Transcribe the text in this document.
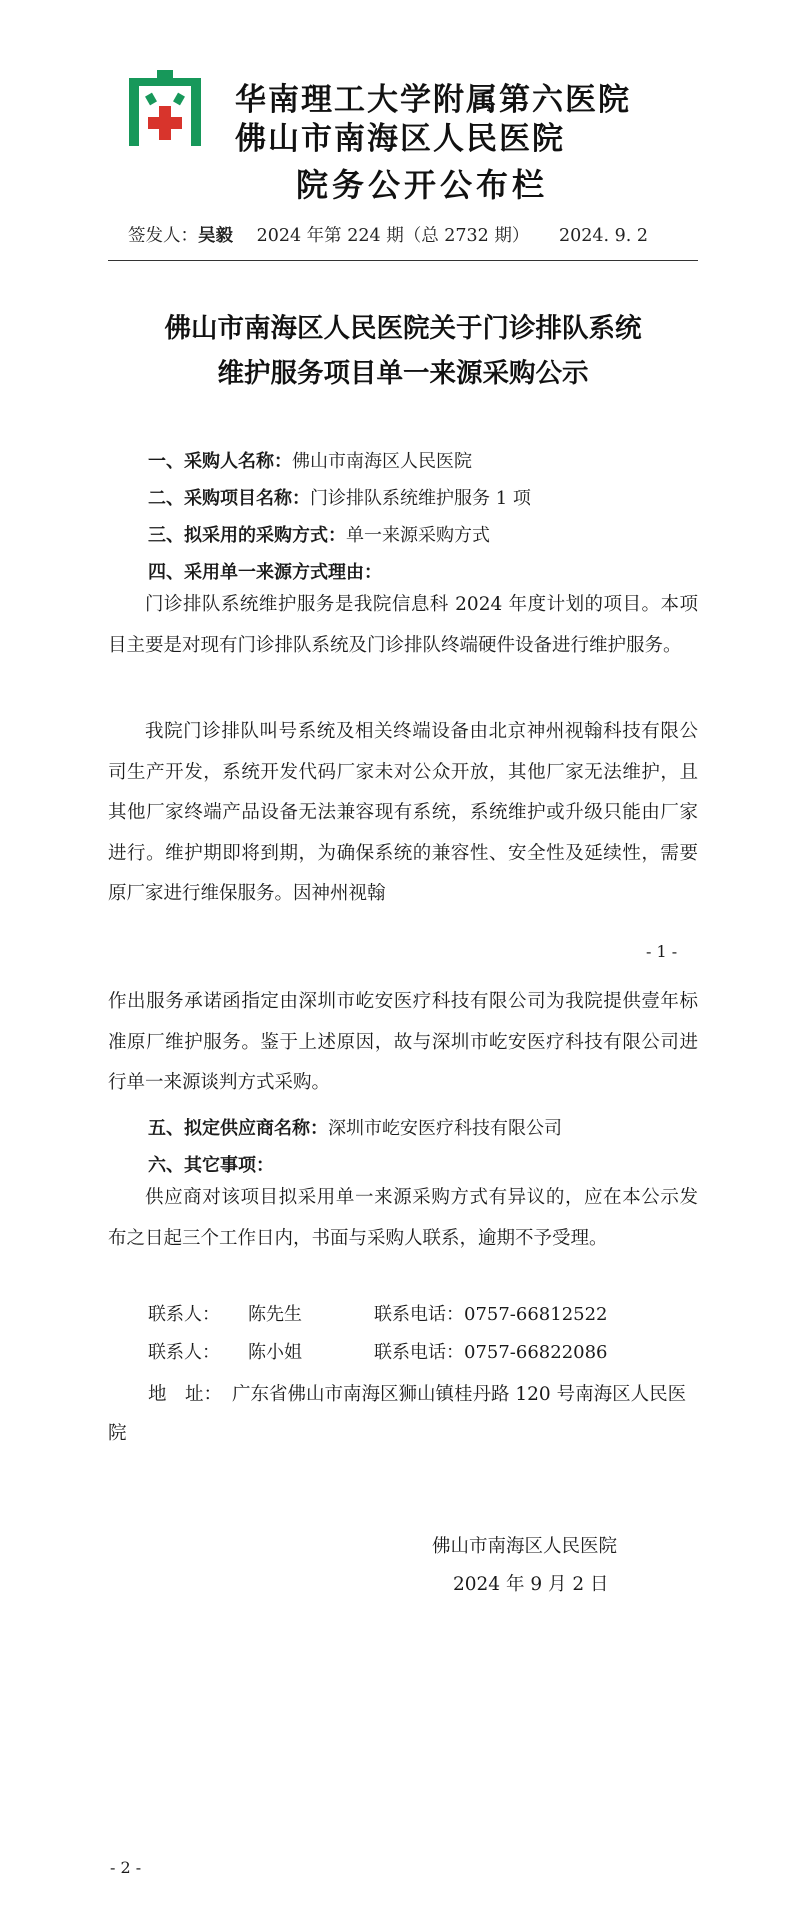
华南理工大学附属第六医院
佛山市南海区人民医院
院务公开公布栏
签发人：吴毅 2024 年第 224 期（总 2732 期） 2024. 9. 2
佛山市南海区人民医院关于门诊排队系统
维护服务项目单一来源采购公示
一、采购人名称：佛山市南海区人民医院
二、采购项目名称：门诊排队系统维护服务 1 项
三、拟采用的采购方式：单一来源采购方式
四、采用单一来源方式理由：

门诊排队系统维护服务是我院信息科 2024 年度计划的项目。本项目主要是对现有门诊排队系统及门诊排队终端硬件设备进行维护服务。

我院门诊排队叫号系统及相关终端设备由北京神州视翰科技有限公司生产开发，系统开发代码厂家未对公众开放，其他厂家无法维护，且其他厂家终端产品设备无法兼容现有系统，系统维护或升级只能由厂家进行。维护期即将到期，为确保系统的兼容性、安全性及延续性，需要原厂家进行维保服务。因神州视翰

- 1 -

作出服务承诺函指定由深圳市屹安医疗科技有限公司为我院提供壹年标准原厂维护服务。鉴于上述原因，故与深圳市屹安医疗科技有限公司进行单一来源谈判方式采购。

五、拟定供应商名称：深圳市屹安医疗科技有限公司
六、其它事项：

供应商对该项目拟采用单一来源采购方式有异议的，应在本公示发布之日起三个工作日内，书面与采购人联系，逾期不予受理。

联系人： 陈先生	联系电话：0757-66812522
联系人： 陈小姐	联系电话：0757-66822086

地　址： 广东省佛山市南海区狮山镇桂丹路 120 号南海区人民医院

佛山市南海区人民医院
2024 年 9 月 2 日
- 2 -
